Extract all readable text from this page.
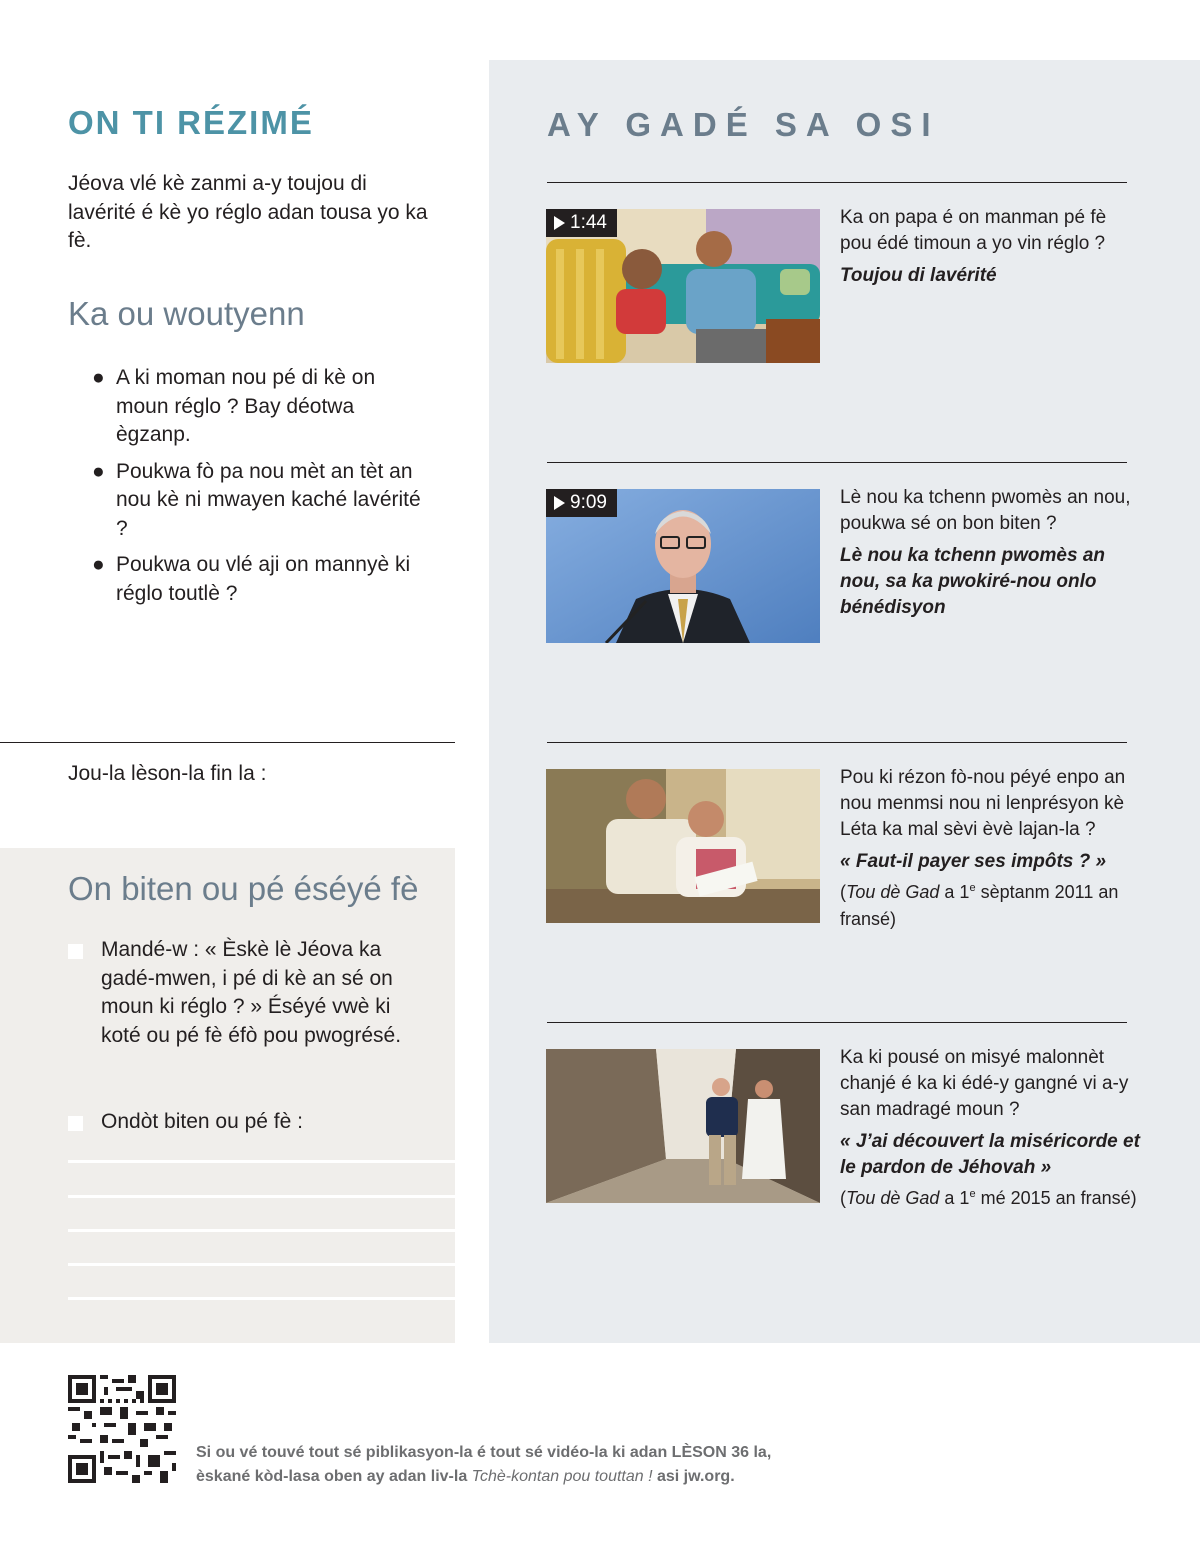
ON TI RÉZIMÉ
Jéova vlé kè zanmi a-y toujou di lavérité é kè yo réglo adan tousa yo ka fè.
Ka ou woutyenn
● A ki moman nou pé di kè on moun réglo ? Bay déotwa ègzanp.
● Poukwa fò pa nou mèt an tèt an nou kè ni mwayen kaché lavérité ?
● Poukwa ou vlé aji on mannyè ki réglo toutlè ?
Jou-la lèson-la fin la :
On biten ou pé éséyé fè
Mandé-w : « Èskè lè Jéova ka gadé-mwen, i pé di kè an sé on moun ki réglo ? » Éséyé vwè ki koté ou pé fè éfò pou pwogrésé.
Ondòt biten ou pé fè :
AY GADÉ SA OSI
1:44	Ka on papa é on manman pé fè pou édé timoun a yo vin réglo ?
Toujou di lavérité
9:09	Lè nou ka tchenn pwomès an nou, poukwa sé on bon biten ?
Lè nou ka tchenn pwomès an nou, sa ka pwokiré-nou onlo bénédisyon
Pou ki rézon fò-nou péyé enpo an nou menmsi nou ni lenprésyon kè Léta ka mal sèvi èvè lajan-la ?
« Faut-il payer ses impôts ? »
(Tou dè Gad a 1e sèptanm 2011 an fransé)
Ka ki pousé on misyé malonnèt chanjé é ka ki édé-y gangné vi a-y san madragé moun ?
« J’ai découvert la miséricorde et le pardon de Jéhovah »
(Tou dè Gad a 1e mé 2015 an fransé)
Si ou vé touvé tout sé piblikasyon-la é tout sé vidéo-la ki adan LÈSON 36 la,
èskané kòd-lasa oben ay adan liv-la Tchè-kontan pou touttan ! asi jw.org.
